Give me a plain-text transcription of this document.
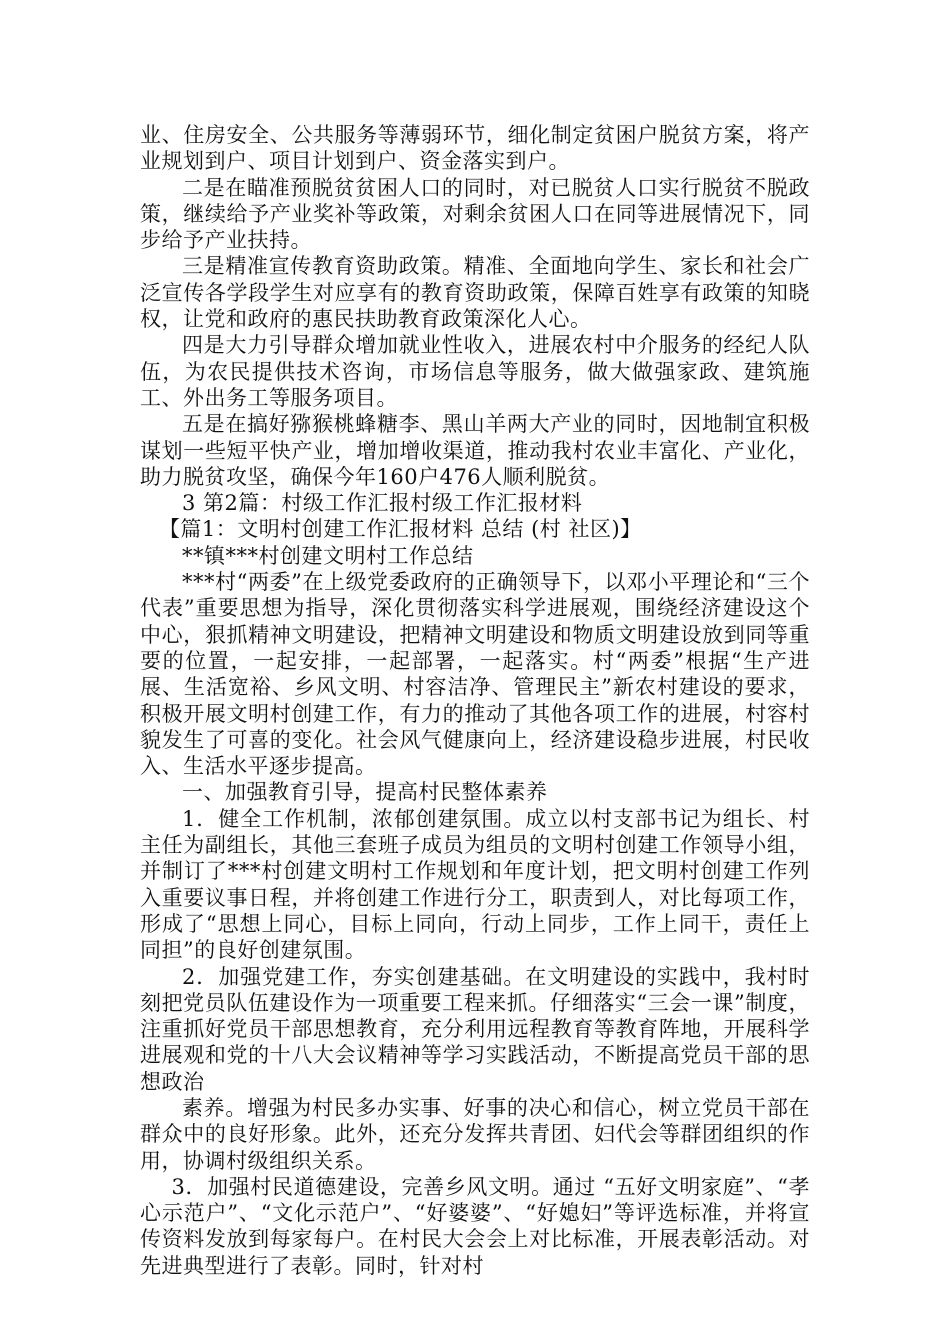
业、住房安全、公共服务等薄弱环节，细化制定贫困户脱贫方案，将产业规划到户、项目计划到户、资金落实到户。

二是在瞄准预脱贫贫困人口的同时，对已脱贫人口实行脱贫不脱政策，继续给予产业奖补等政策，对剩余贫困人口在同等进展情况下，同步给予产业扶持。

三是精准宣传教育资助政策。精准、全面地向学生、家长和社会广泛宣传各学段学生对应享有的教育资助政策，保障百姓享有政策的知晓权，让党和政府的惠民扶助教育政策深化人心。

四是大力引导群众增加就业性收入，进展农村中介服务的经纪人队伍，为农民提供技术咨询，市场信息等服务，做大做强家政、建筑施工、外出务工等服务项目。

五是在搞好猕猴桃蜂糖李、黑山羊两大产业的同时，因地制宜积极谋划一些短平快产业，增加增收渠道，推动我村农业丰富化、产业化，助力脱贫攻坚，确保今年160户476人顺利脱贫。

3 第2篇：村级工作汇报村级工作汇报材料

【篇1：文明村创建工作汇报材料 总结 (村 社区)】

**镇***村创建文明村工作总结

***村“两委”在上级党委政府的正确领导下，以邓小平理论和“三个代表”重要思想为指导，深化贯彻落实科学进展观，围绕经济建设这个中心，狠抓精神文明建设，把精神文明建设和物质文明建设放到同等重要的位置，一起安排，一起部署，一起落实。村“两委”根据“生产进展、生活宽裕、乡风文明、村容洁净、管理民主”新农村建设的要求，积极开展文明村创建工作，有力的推动了其他各项工作的进展，村容村貌发生了可喜的变化。社会风气健康向上，经济建设稳步进展，村民收入、生活水平逐步提高。

一、加强教育引导，提高村民整体素养

1．健全工作机制，浓郁创建氛围。成立以村支部书记为组长、村主任为副组长，其他三套班子成员为组员的文明村创建工作领导小组，并制订了***村创建文明村工作规划和年度计划，把文明村创建工作列入重要议事日程，并将创建工作进行分工，职责到人，对比每项工作，形成了“思想上同心，目标上同向，行动上同步，工作上同干，责任上同担”的良好创建氛围。

2．加强党建工作，夯实创建基础。在文明建设的实践中，我村时刻把党员队伍建设作为一项重要工程来抓。仔细落实“三会一课”制度，注重抓好党员干部思想教育，充分利用远程教育等教育阵地，开展科学进展观和党的十八大会议精神等学习实践活动，不断提高党员干部的思想政治

素养。增强为村民多办实事、好事的决心和信心，树立党员干部在群众中的良好形象。此外，还充分发挥共青团、妇代会等群团组织的作用，协调村级组织关系。

3．加强村民道德建设，完善乡风文明。通过 “五好文明家庭”、“孝心示范户”、“文化示范户”、“好婆婆”、“好媳妇”等评选标准，并将宣传资料发放到每家每户。在村民大会会上对比标准，开展表彰活动。对先进典型进行了表彰。同时，针对村
